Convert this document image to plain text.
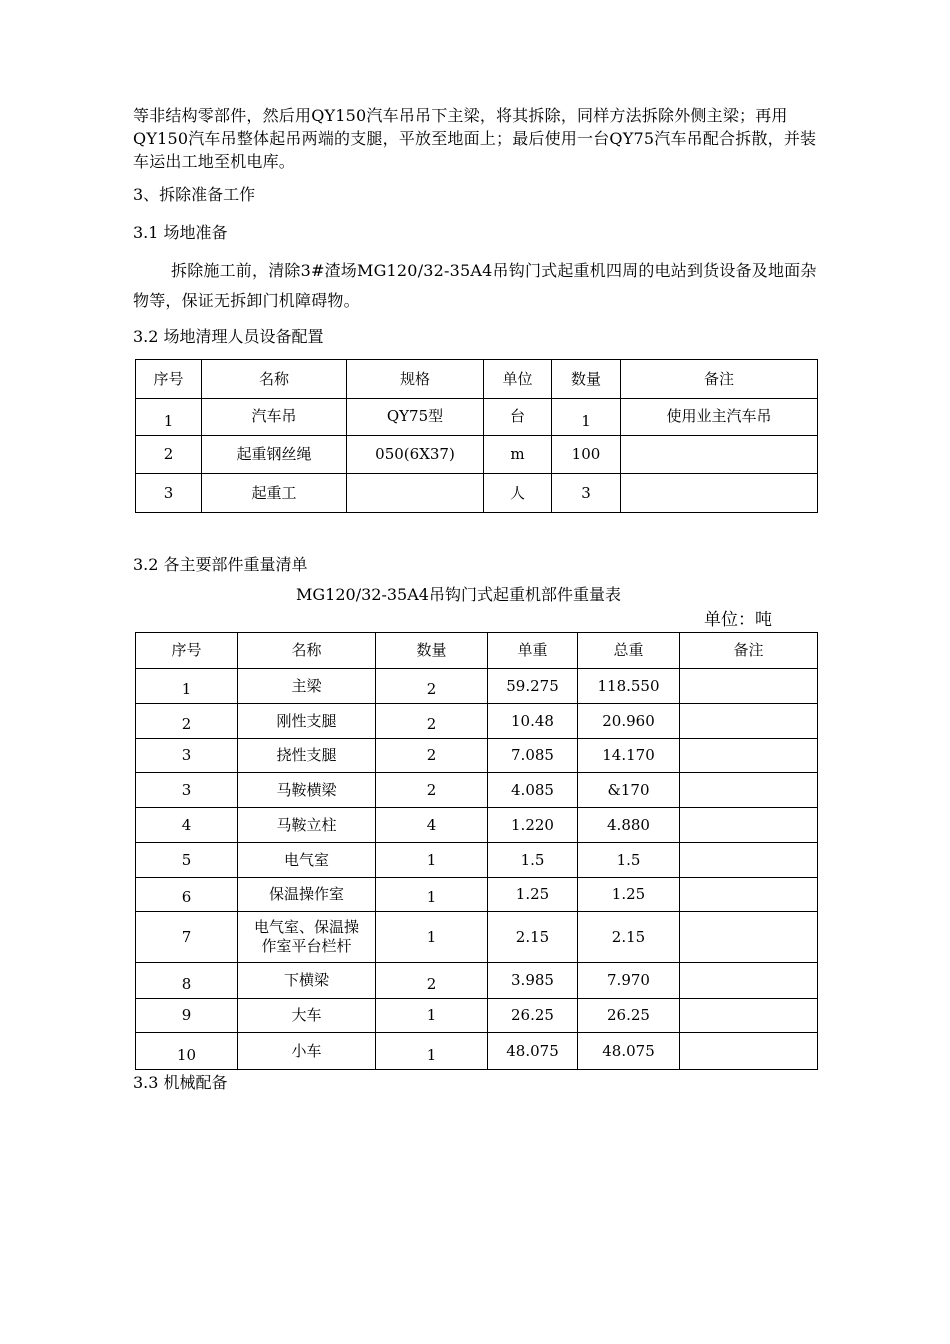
等非结构零部件，然后用QY150汽车吊吊下主梁，将其拆除，同样方法拆除外侧主梁；再用QY150汽车吊整体起吊两端的支腿，平放至地面上；最后使用一台QY75汽车吊配合拆散，并装车运出工地至机电库。

3、拆除准备工作

3.1 场地准备

拆除施工前，清除3#渣场MG120/32-35A4吊钩门式起重机四周的电站到货设备及地面杂物等，保证无拆卸门机障碍物。

3.2 场地清理人员设备配置

序号	名称	规格	单位	数量	备注
1	汽车吊	QY75型	台	1	使用业主汽车吊
2	起重钢丝绳	050(6X37)	m	100	
3	起重工		人	3	

3.2 各主要部件重量清单

MG120/32-35A4吊钩门式起重机部件重量表

单位：吨

序号	名称	数量	单重	总重	备注
1	主梁	2	59.275	118.550	
2	刚性支腿	2	10.48	20.960	
3	挠性支腿	2	7.085	14.170	
3	马鞍横梁	2	4.085	&170	
4	马鞍立柱	4	1.220	4.880	
5	电气室	1	1.5	1.5	
6	保温操作室	1	1.25	1.25	
7	电气室、保温操作室平台栏杆	1	2.15	2.15	
8	下横梁	2	3.985	7.970	
9	大车	1	26.25	26.25	
10	小车	1	48.075	48.075	

3.3 机械配备
